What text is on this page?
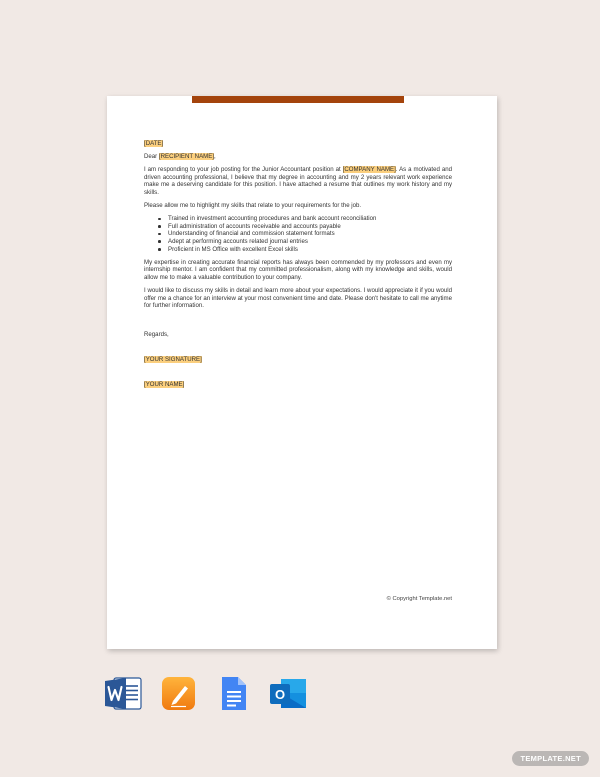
[DATE]

Dear [RECIPIENT NAME],

I am responding to your job posting for the Junior Accountant position at [COMPANY NAME]. As a motivated and driven accounting professional, I believe that my degree in accounting and my 2 years relevant work experience make me a deserving candidate for this position. I have attached a resume that outlines my work history and my skills.

Please allow me to highlight my skills that relate to your requirements for the job.

Trained in investment accounting procedures and bank account reconciliation
Full administration of accounts receivable and accounts payable
Understanding of financial and commission statement formats
Adept at performing accounts related journal entries
Proficient in MS Office with excellent Excel skills

My expertise in creating accurate financial reports has always been commended by my professors and even my internship mentor. I am confident that my committed professionalism, along with my knowledge and skills, would allow me to make a valuable contribution to your company.

I would like to discuss my skills in detail and learn more about your expectations. I would appreciate it if you would offer me a chance for an interview at your most convenient time and date. Please don't hesitate to call me anytime for further information.

Regards,

[YOUR SIGNATURE]

[YOUR NAME]

© Copyright Template.net
O
TEMPLATE.NET
